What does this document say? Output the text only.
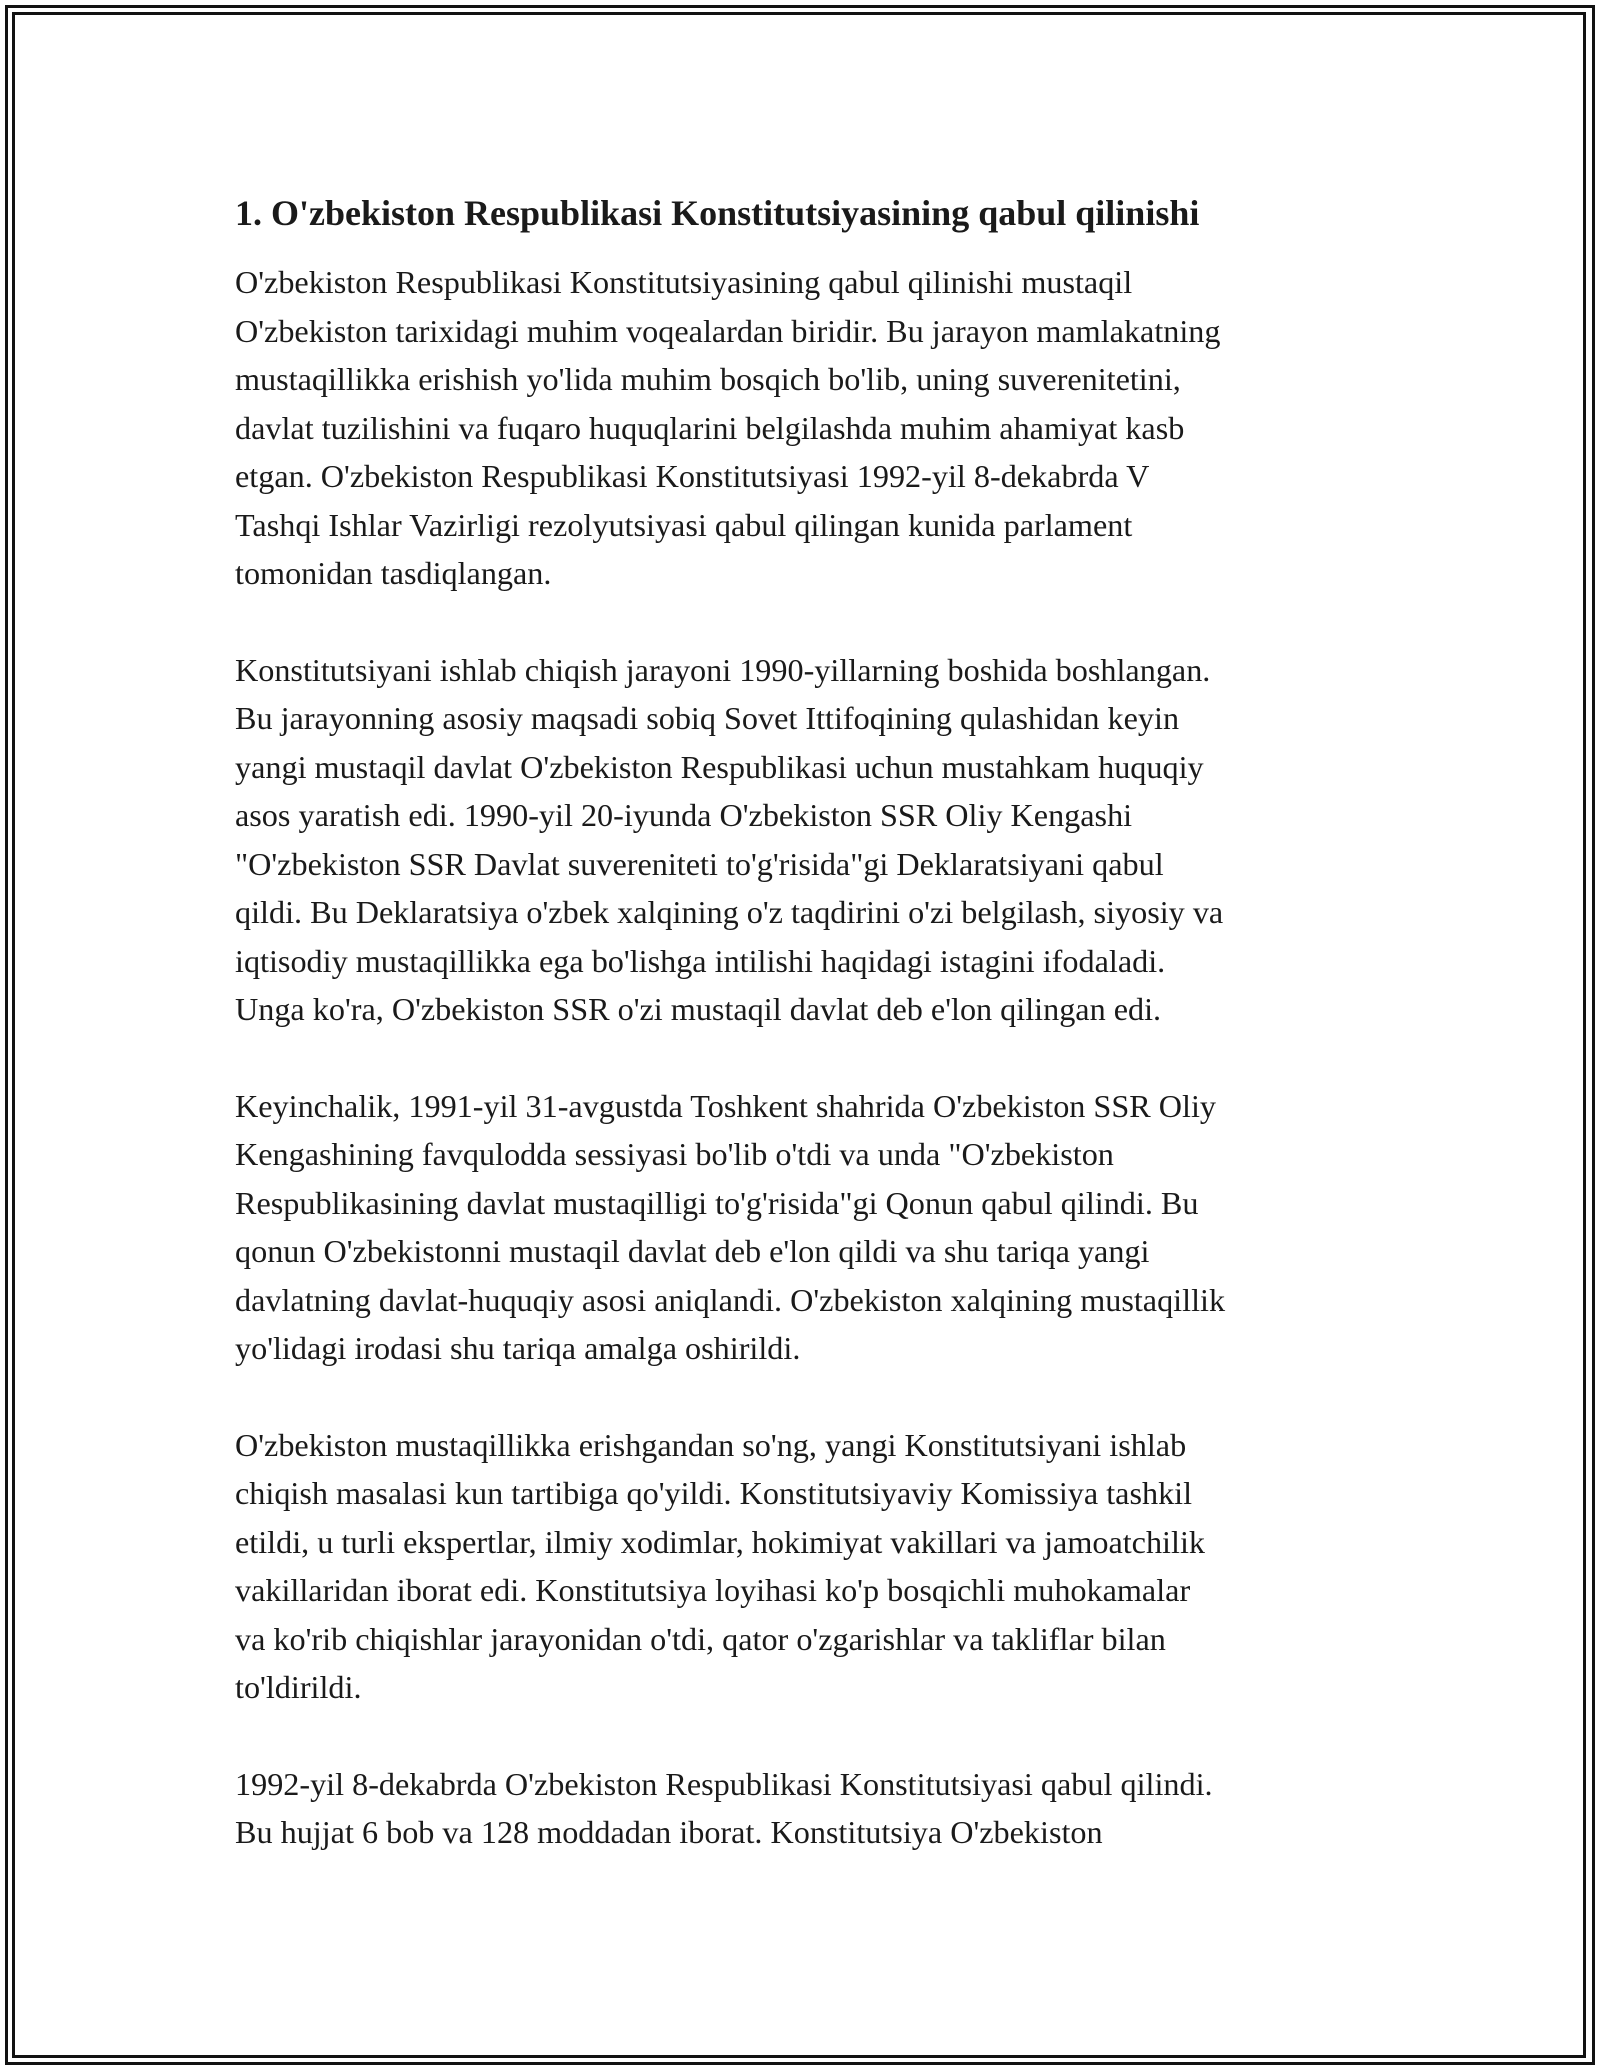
1. O'zbekiston Respublikasi Konstitutsiyasining qabul qilinishi

O'zbekiston Respublikasi Konstitutsiyasining qabul qilinishi mustaqil
O'zbekiston tarixidagi muhim voqealardan biridir. Bu jarayon mamlakatning
mustaqillikka erishish yo'lida muhim bosqich bo'lib, uning suverenitetini,
davlat tuzilishini va fuqaro huquqlarini belgilashda muhim ahamiyat kasb
etgan. O'zbekiston Respublikasi Konstitutsiyasi 1992-yil 8-dekabrda V
Tashqi Ishlar Vazirligi rezolyutsiyasi qabul qilingan kunida parlament
tomonidan tasdiqlangan.

Konstitutsiyani ishlab chiqish jarayoni 1990-yillarning boshida boshlangan.
Bu jarayonning asosiy maqsadi sobiq Sovet Ittifoqining qulashidan keyin
yangi mustaqil davlat O'zbekiston Respublikasi uchun mustahkam huquqiy
asos yaratish edi. 1990-yil 20-iyunda O'zbekiston SSR Oliy Kengashi
"O'zbekiston SSR Davlat suvereniteti to'g'risida"gi Deklaratsiyani qabul
qildi. Bu Deklaratsiya o'zbek xalqining o'z taqdirini o'zi belgilash, siyosiy va
iqtisodiy mustaqillikka ega bo'lishga intilishi haqidagi istagini ifodaladi.
Unga ko'ra, O'zbekiston SSR o'zi mustaqil davlat deb e'lon qilingan edi.

Keyinchalik, 1991-yil 31-avgustda Toshkent shahrida O'zbekiston SSR Oliy
Kengashining favqulodda sessiyasi bo'lib o'tdi va unda "O'zbekiston
Respublikasining davlat mustaqilligi to'g'risida"gi Qonun qabul qilindi. Bu
qonun O'zbekistonni mustaqil davlat deb e'lon qildi va shu tariqa yangi
davlatning davlat-huquqiy asosi aniqlandi. O'zbekiston xalqining mustaqillik
yo'lidagi irodasi shu tariqa amalga oshirildi.

O'zbekiston mustaqillikka erishgandan so'ng, yangi Konstitutsiyani ishlab
chiqish masalasi kun tartibiga qo'yildi. Konstitutsiyaviy Komissiya tashkil
etildi, u turli ekspertlar, ilmiy xodimlar, hokimiyat vakillari va jamoatchilik
vakillaridan iborat edi. Konstitutsiya loyihasi ko'p bosqichli muhokamalar
va ko'rib chiqishlar jarayonidan o'tdi, qator o'zgarishlar va takliflar bilan
to'ldirildi.

1992-yil 8-dekabrda O'zbekiston Respublikasi Konstitutsiyasi qabul qilindi.
Bu hujjat 6 bob va 128 moddadan iborat. Konstitutsiya O'zbekiston
